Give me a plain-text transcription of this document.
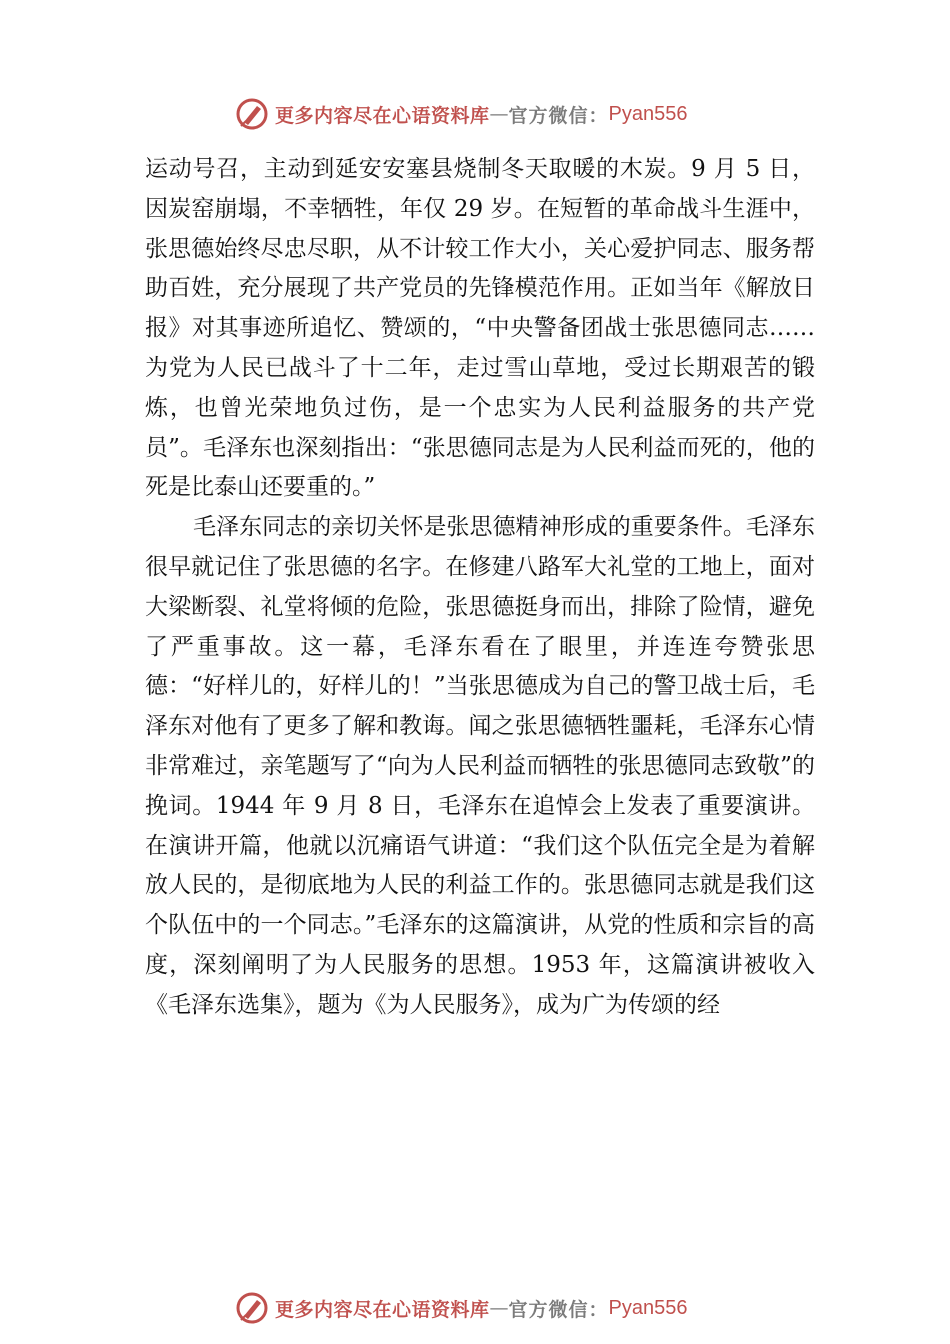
更多内容尽在心语资料库 — 官方微信： Pyan556

运动号召，主动到延安安塞县烧制冬天取暖的木炭。9 月 5 日，因炭窑崩塌，不幸牺牲，年仅 29 岁。在短暂的革命战斗生涯中，张思德始终尽忠尽职，从不计较工作大小，关心爱护同志、服务帮助百姓，充分展现了共产党员的先锋模范作用。正如当年《解放日报》对其事迹所追忆、赞颂的，“中央警备团战士张思德同志……为党为人民已战斗了十二年，走过雪山草地，受过长期艰苦的锻炼，也曾光荣地负过伤，是一个忠实为人民利益服务的共产党员”。毛泽东也深刻指出：“张思德同志是为人民利益而死的，他的死是比泰山还要重的。”

毛泽东同志的亲切关怀是张思德精神形成的重要条件。毛泽东很早就记住了张思德的名字。在修建八路军大礼堂的工地上，面对大梁断裂、礼堂将倾的危险，张思德挺身而出，排除了险情，避免了严重事故。这一幕，毛泽东看在了眼里，并连连夸赞张思德：“好样儿的，好样儿的！”当张思德成为自己的警卫战士后，毛泽东对他有了更多了解和教诲。闻之张思德牺牲噩耗，毛泽东心情非常难过，亲笔题写了“向为人民利益而牺牲的张思德同志致敬”的挽词。1944 年 9 月 8 日，毛泽东在追悼会上发表了重要演讲。在演讲开篇，他就以沉痛语气讲道：“我们这个队伍完全是为着解放人民的，是彻底地为人民的利益工作的。张思德同志就是我们这个队伍中的一个同志。”毛泽东的这篇演讲，从党的性质和宗旨的高度，深刻阐明了为人民服务的思想。1953 年，这篇演讲被收入《毛泽东选集》，题为《为人民服务》，成为广为传颂的经

更多内容尽在心语资料库 — 官方微信： Pyan556
